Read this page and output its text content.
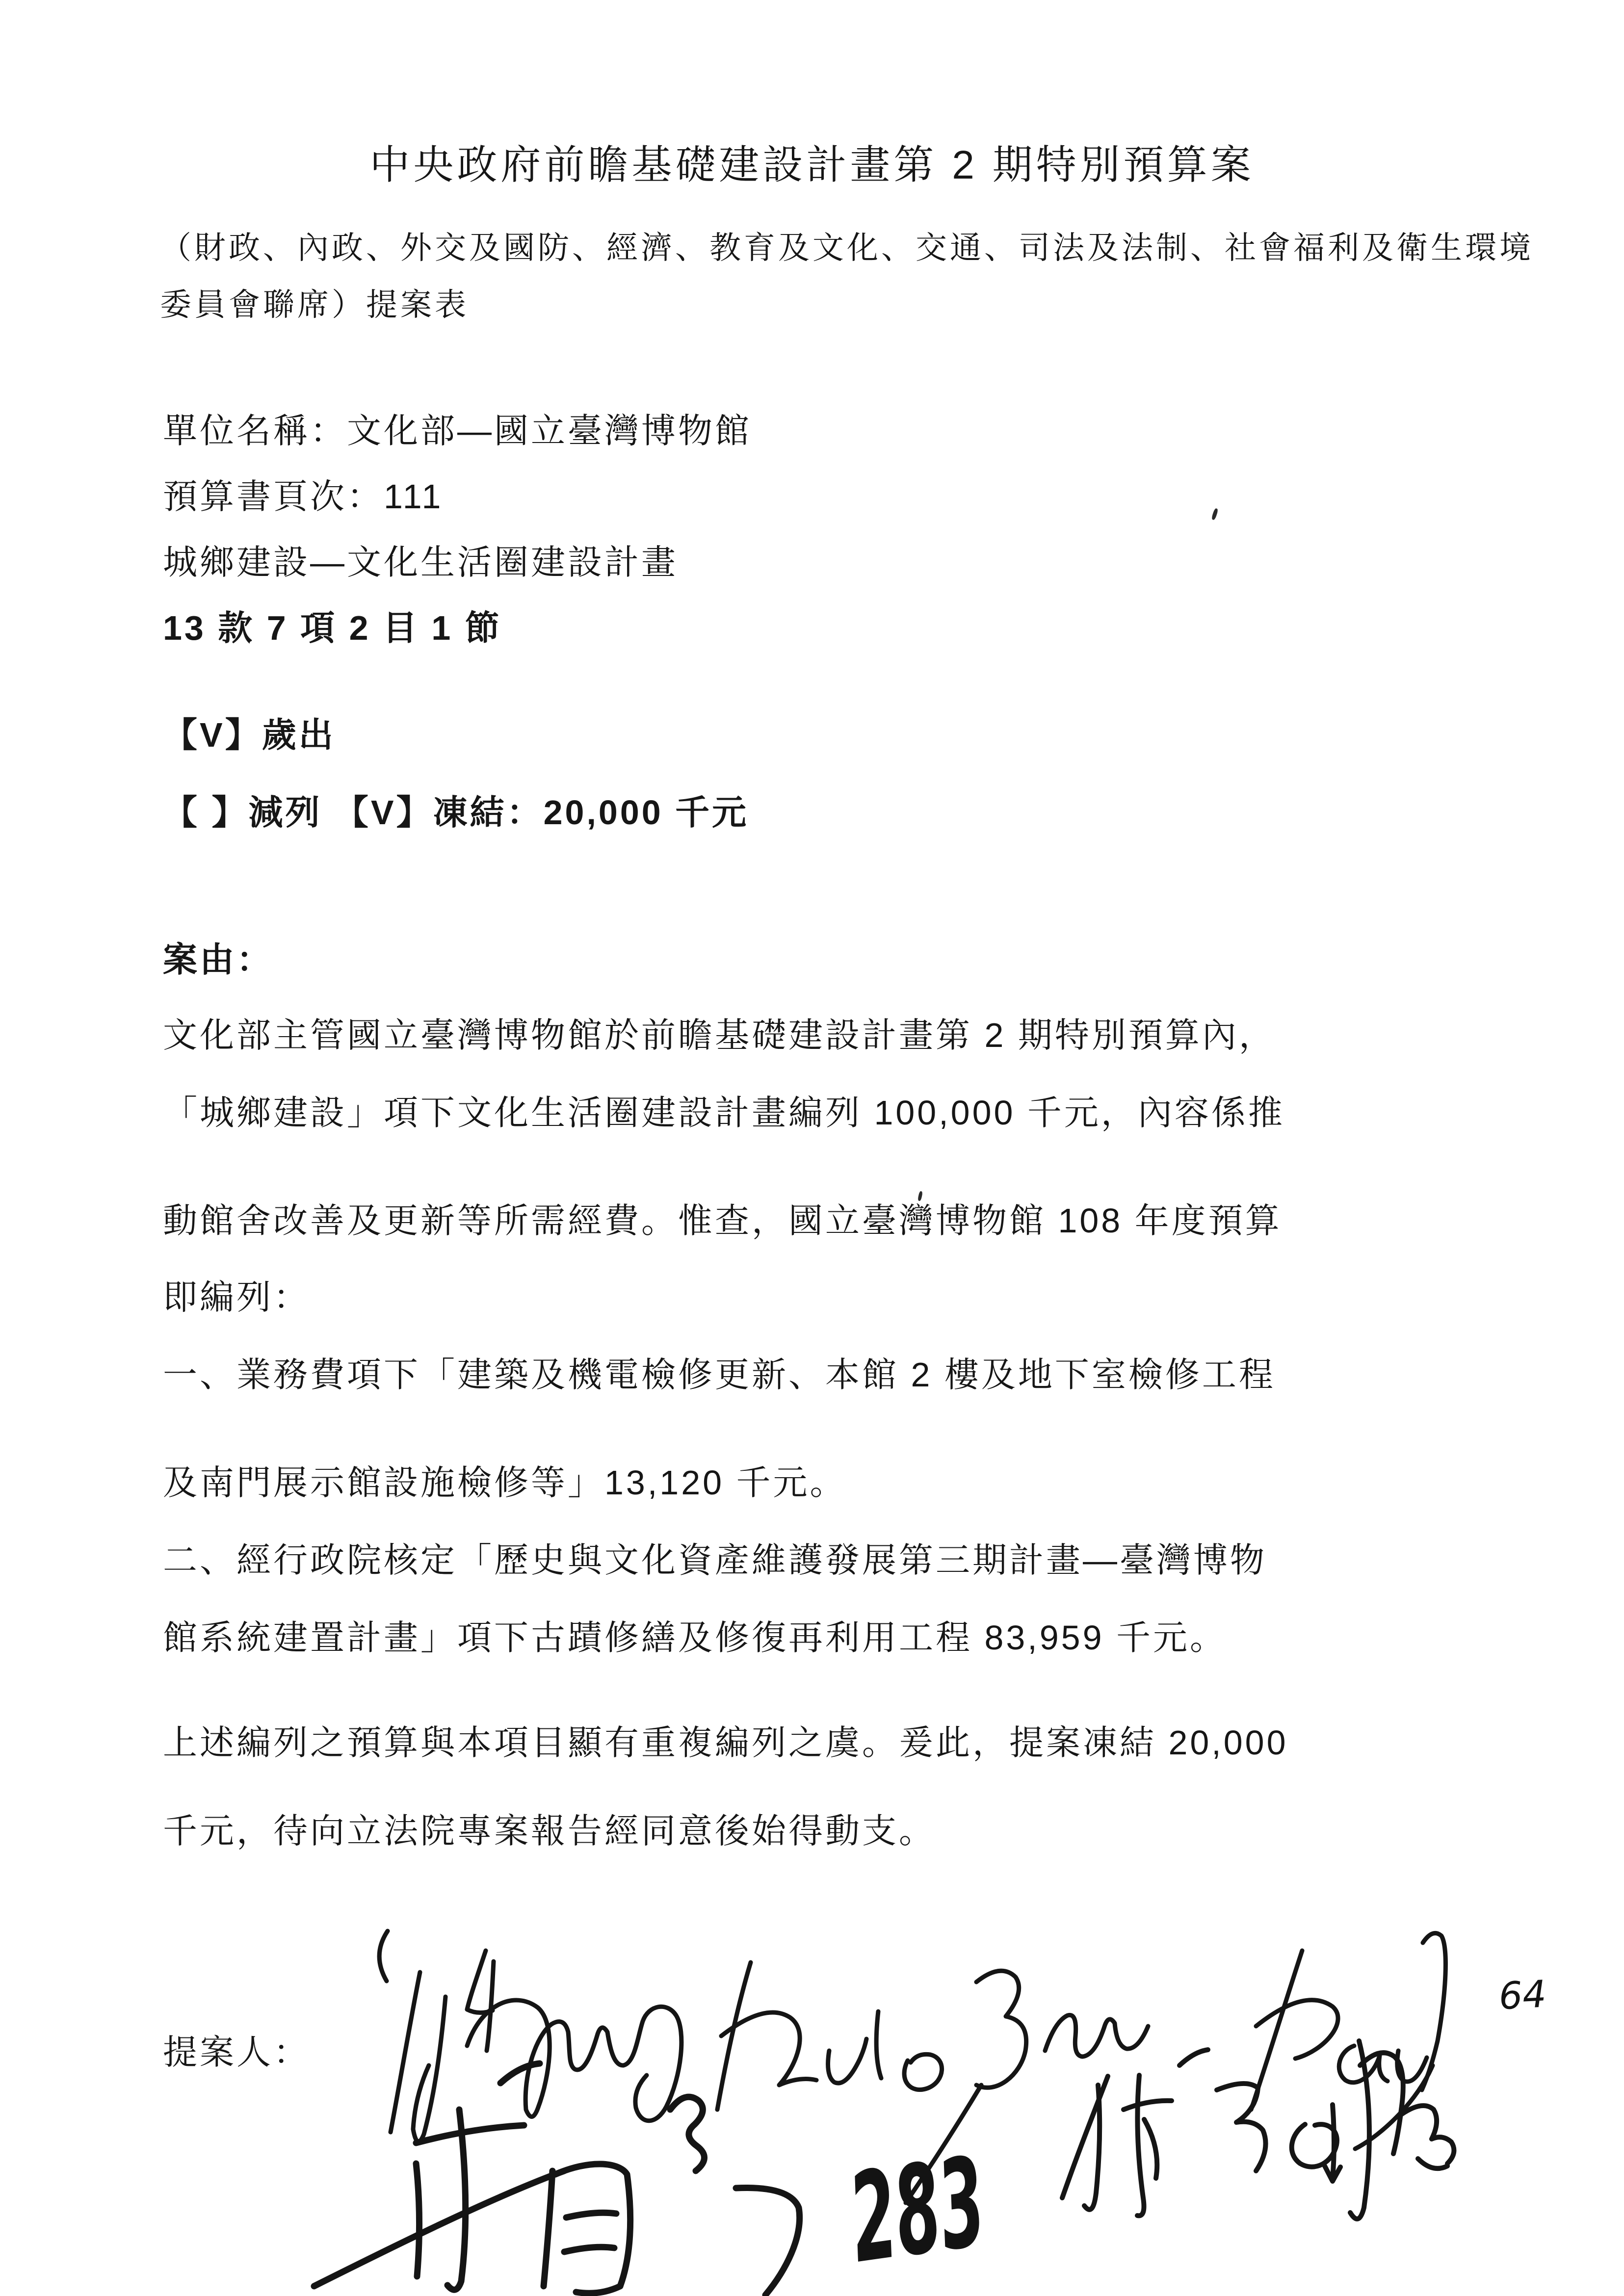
中央政府前瞻基礎建設計畫第 2 期特別預算案
（財政、內政、外交及國防、經濟、教育及文化、交通、司法及法制、社會福利及衛生環境
委員會聯席）提案表
單位名稱：文化部—國立臺灣博物館
預算書頁次：111
城鄉建設—文化生活圈建設計畫
13 款 7 項 2 目 1 節
【V】歲出
【 】減列 【V】凍結：20,000 千元
案由：
文化部主管國立臺灣博物館於前瞻基礎建設計畫第 2 期特別預算內，
「城鄉建設」項下文化生活圈建設計畫編列 100,000 千元，內容係推
動館舍改善及更新等所需經費。惟查，國立臺灣博物館 108 年度預算
即編列：
一、業務費項下「建築及機電檢修更新、本館 2 樓及地下室檢修工程
及南門展示館設施檢修等」13,120 千元。
二、經行政院核定「歷史與文化資產維護發展第三期計畫—臺灣博物
館系統建置計畫」項下古蹟修繕及修復再利用工程 83,959 千元。
上述編列之預算與本項目顯有重複編列之虞。爰此，提案凍結 20,000
千元，待向立法院專案報告經同意後始得動支。
提案人：
64
283
